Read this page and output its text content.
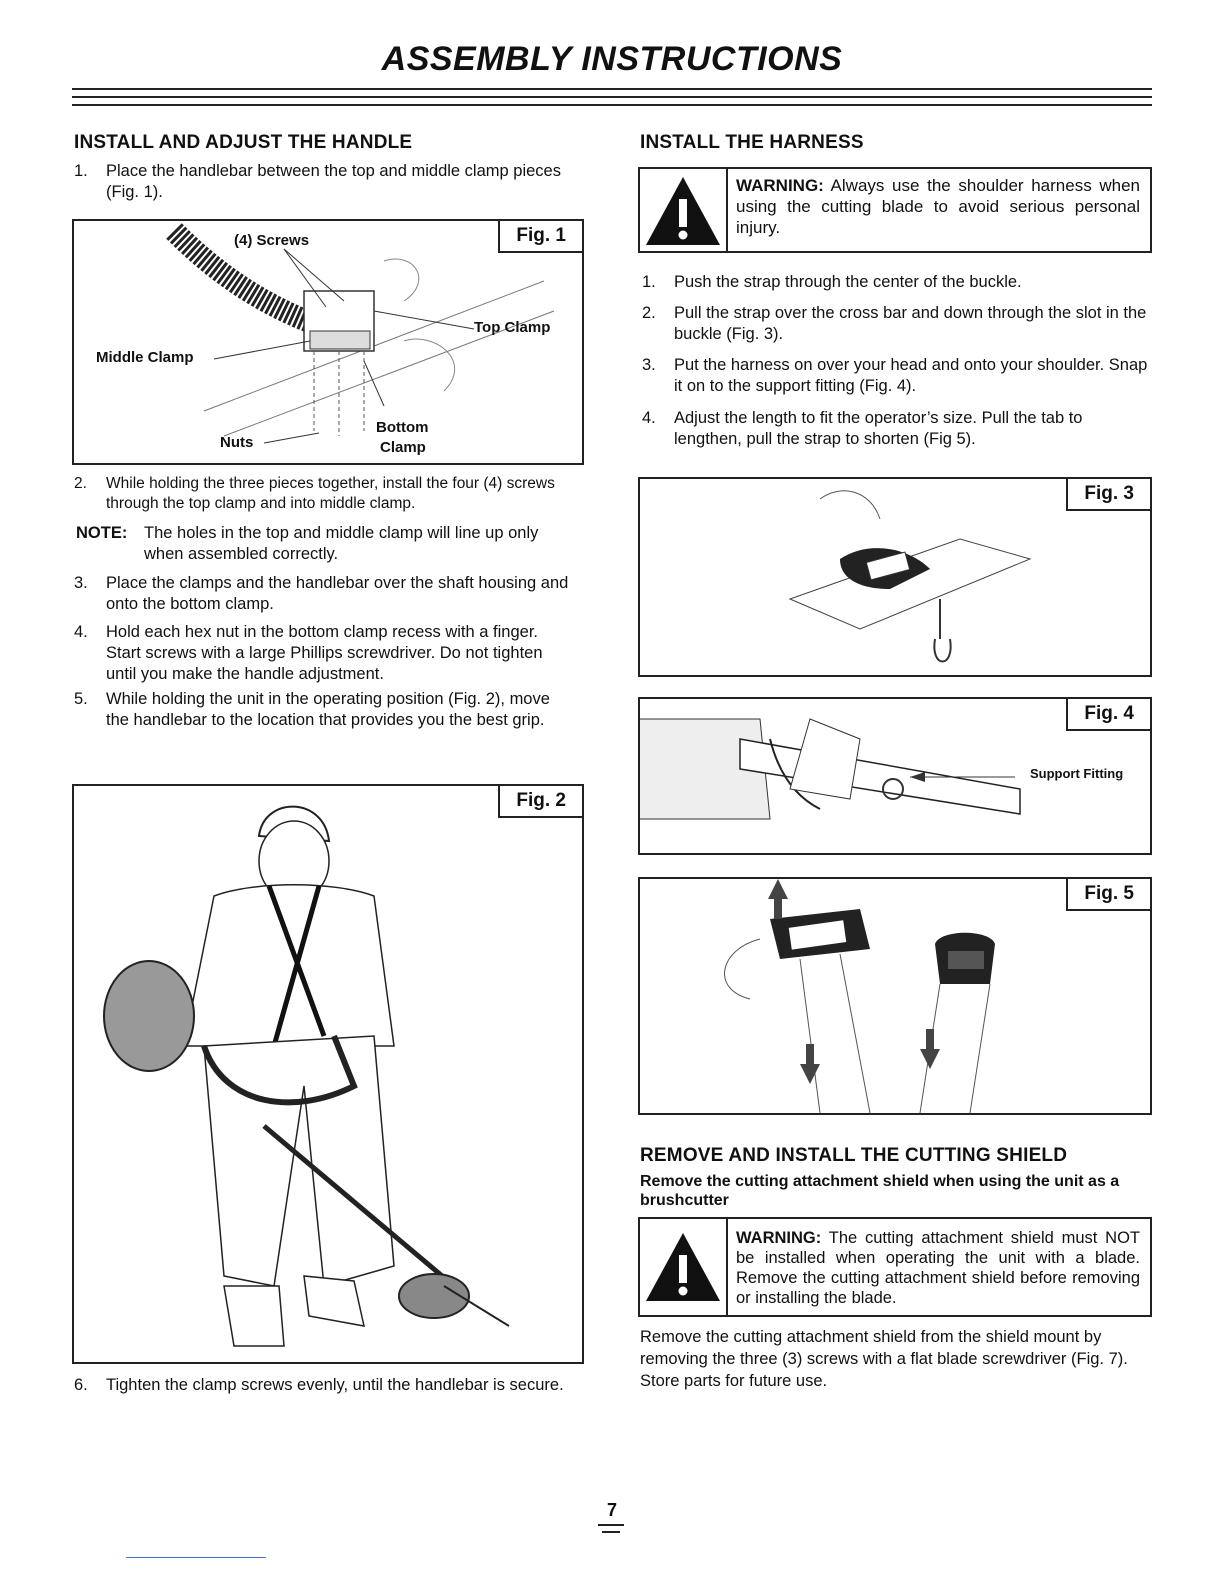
ASSEMBLY INSTRUCTIONS
INSTALL AND ADJUST THE HANDLE
1. Place the handlebar between the top and middle clamp pieces (Fig. 1).
Fig. 1
(4) Screws
Top Clamp
Middle Clamp
Bottom
Clamp
Nuts
2. While holding the three pieces together, install the four (4) screws through the top clamp and into middle clamp.
NOTE: The holes in the top and middle clamp will line up only when assembled correctly.
3. Place the clamps and the handlebar over the shaft housing and onto the bottom clamp.
4. Hold each hex nut in the bottom clamp recess with a finger. Start screws with a large Phillips screwdriver. Do not tighten until you make the handle adjustment.
5. While holding the unit in the operating position (Fig. 2), move the handlebar to the location that provides you the best grip.
Fig. 2
6. Tighten the clamp screws evenly, until the handlebar is secure.
INSTALL THE HARNESS
WARNING: Always use the shoulder harness when using the cutting blade to avoid serious personal injury.
1. Push the strap through the center of the buckle.
2. Pull the strap over the cross bar and down through the slot in the buckle (Fig. 3).
3. Put the harness on over your head and onto your shoulder. Snap it on to the support fitting (Fig. 4).
4. Adjust the length to fit the operator’s size. Pull the tab to lengthen, pull the strap to shorten (Fig 5).
Fig. 3
Fig. 4
Support Fitting
Fig. 5
REMOVE AND INSTALL THE CUTTING SHIELD
Remove the cutting attachment shield when using the unit as a brushcutter
WARNING: The cutting attachment shield must NOT be installed when operating the unit with a blade. Remove the cutting attachment shield before removing or installing the blade.
Remove the cutting attachment shield from the shield mount by removing the three (3) screws with a flat blade screwdriver (Fig. 7). Store parts for future use.
7
